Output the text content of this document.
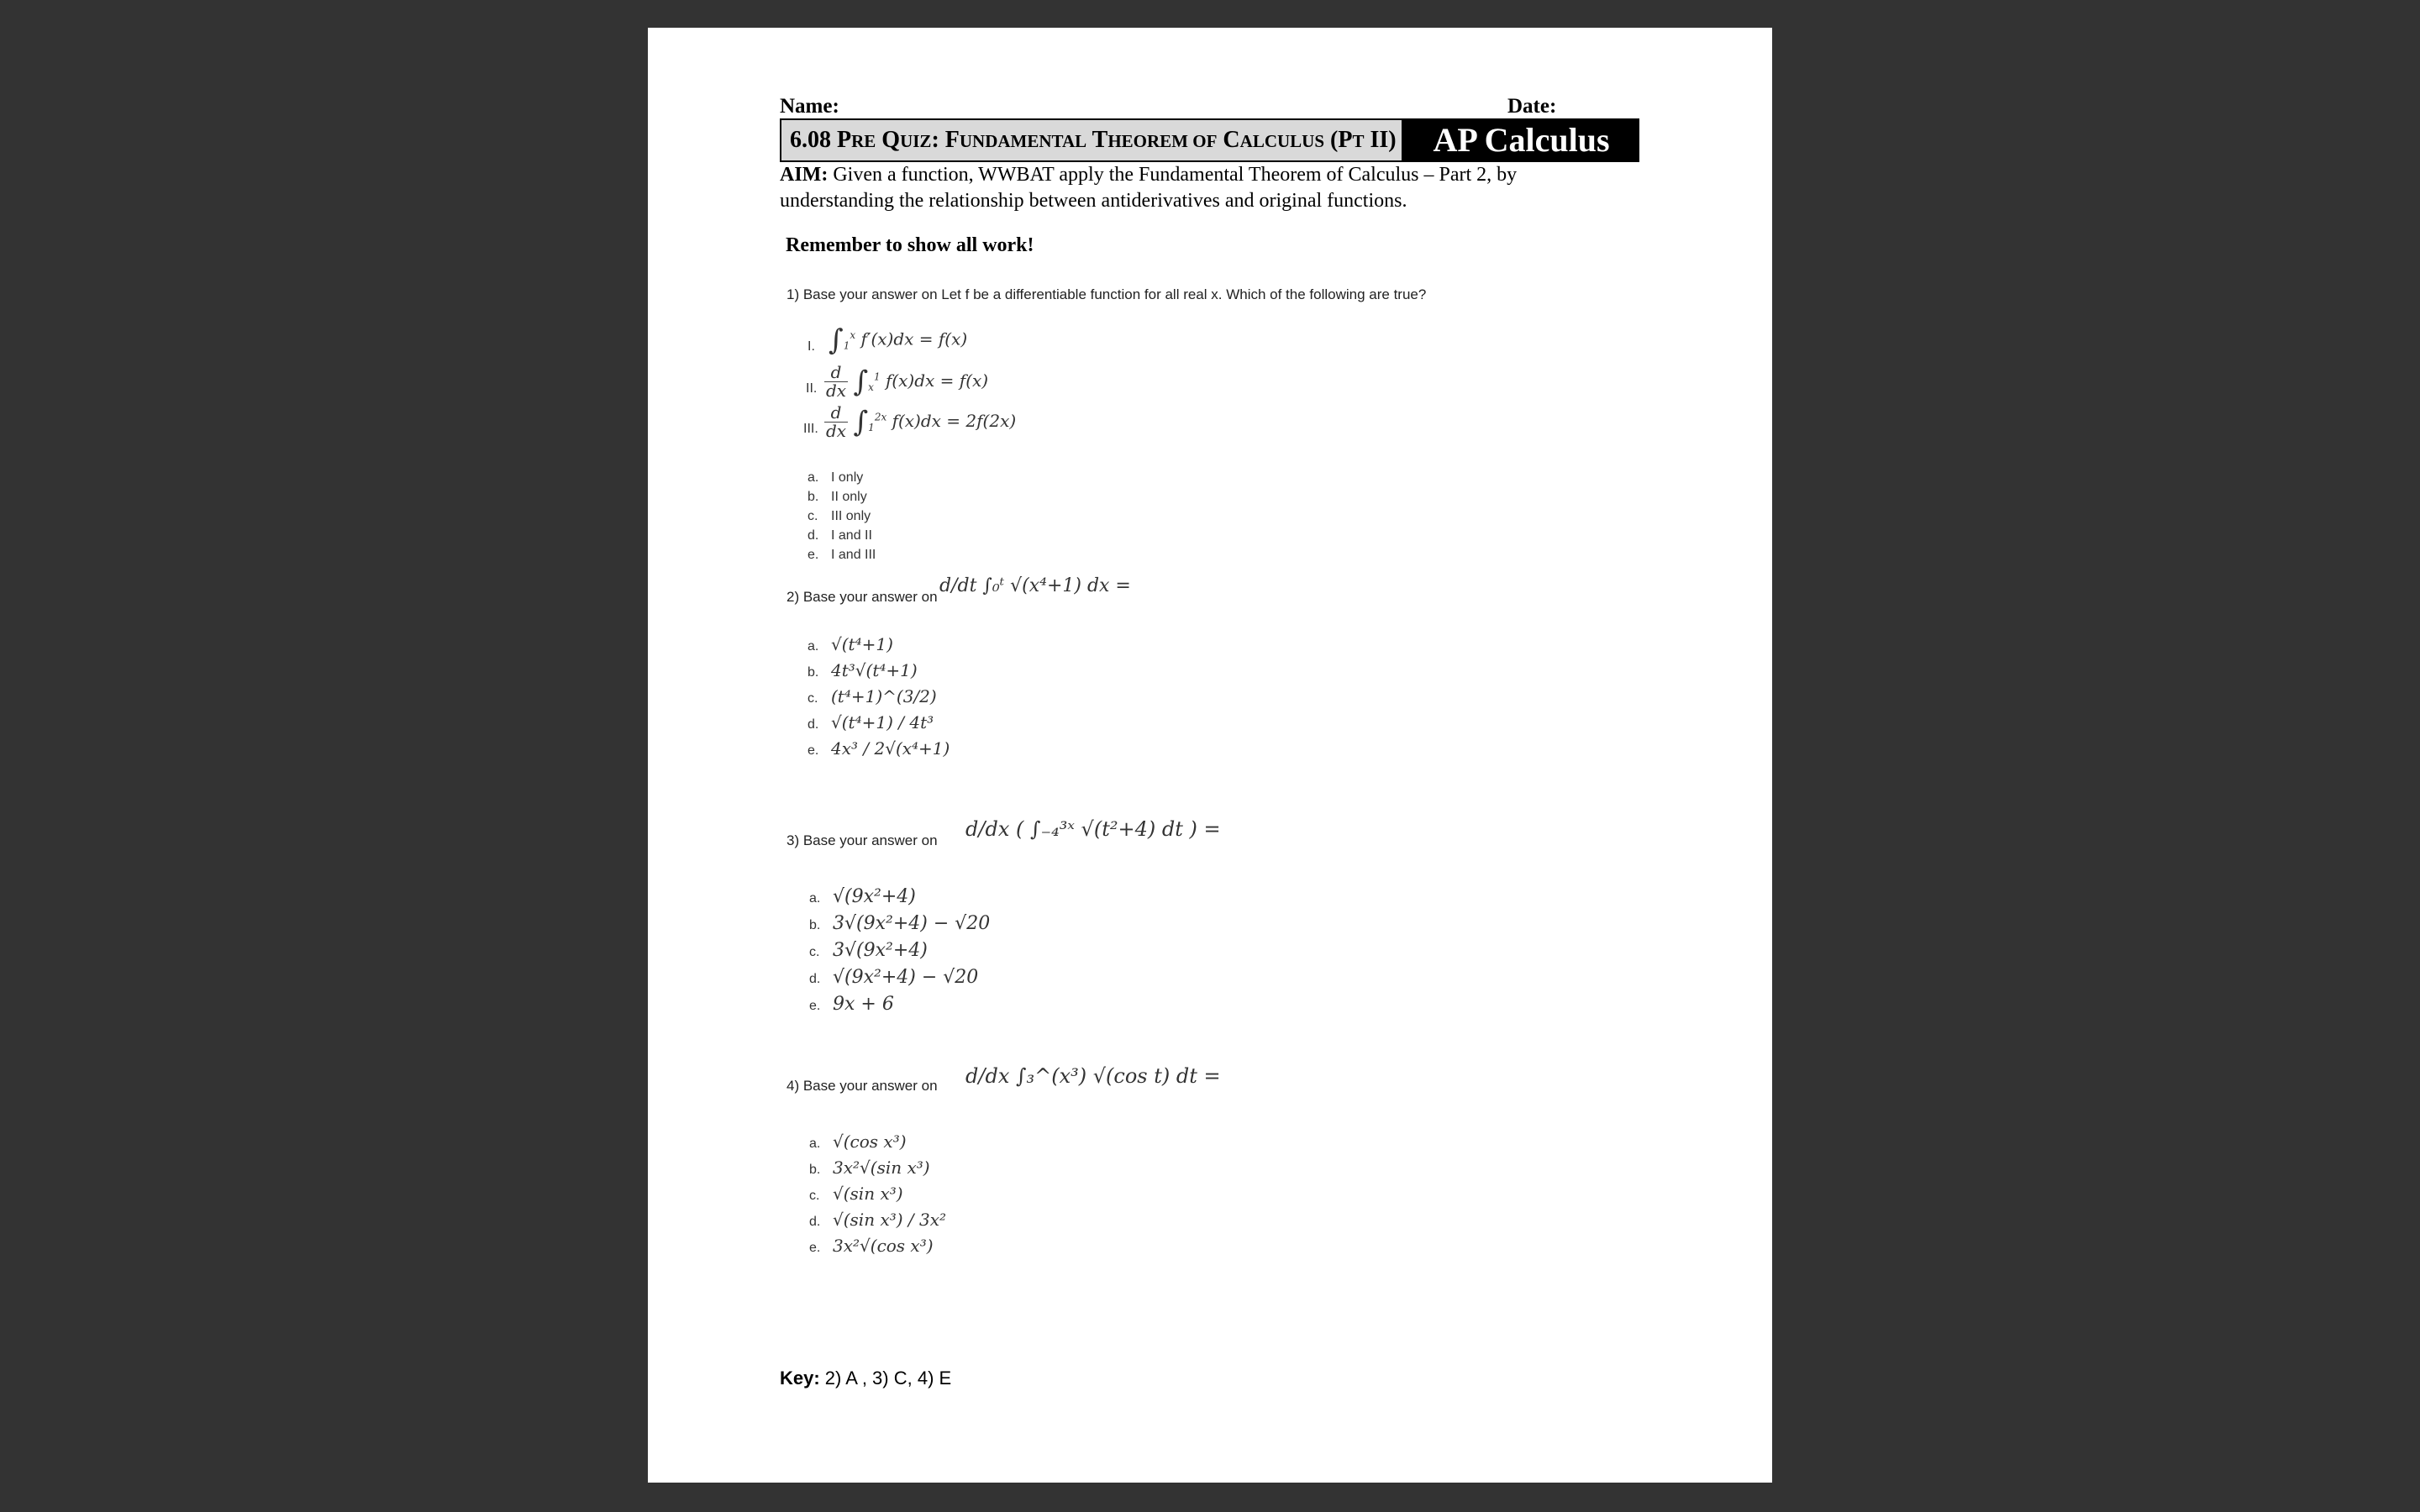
Name:	Date:
6.08 PRE QUIZ: FUNDAMENTAL THEOREM OF CALCULUS (PT II)	AP Calculus
AIM: Given a function, WWBAT apply the Fundamental Theorem of Calculus – Part 2, by understanding the relationship between antiderivatives and original functions.
Remember to show all work!
1) Base your answer on Let f be a differentiable function for all real x. Which of the following are true?
I. $\int_1^x$ f′(x)dx = f(x)
II. $\frac{d}{dx} \int_x^1$ f(x)dx = f(x)
III. $\frac{d}{dx} \int_1^{2x}$ f(x)dx = 2f(2x)
a. I only
b. II only
c. III only
d. I and II
e. I and III
2) Base your answer on
d/dt ∫₀ᵗ √(x⁴+1) dx =
a. √(t⁴+1)
b. 4t³√(t⁴+1)
c. (t⁴+1)^(3/2)
d. √(t⁴+1) / 4t³
e. 4x³ / 2√(x⁴+1)
3) Base your answer on d/dx ( ∫₋₄³ˣ √(t²+4) dt ) =
a. √(9x²+4)
b. 3√(9x²+4) − √20
c. 3√(9x²+4)
d. √(9x²+4) − √20
e. 9x + 6
4) Base your answer on d/dx ∫₃^(x³) √(cos t) dt =
a. √(cos x³)
b. 3x²√(sin x³)
c. √(sin x³)
d. √(sin x³) / 3x²
e. 3x²√(cos x³)
Key: 2) A , 3) C, 4) E
